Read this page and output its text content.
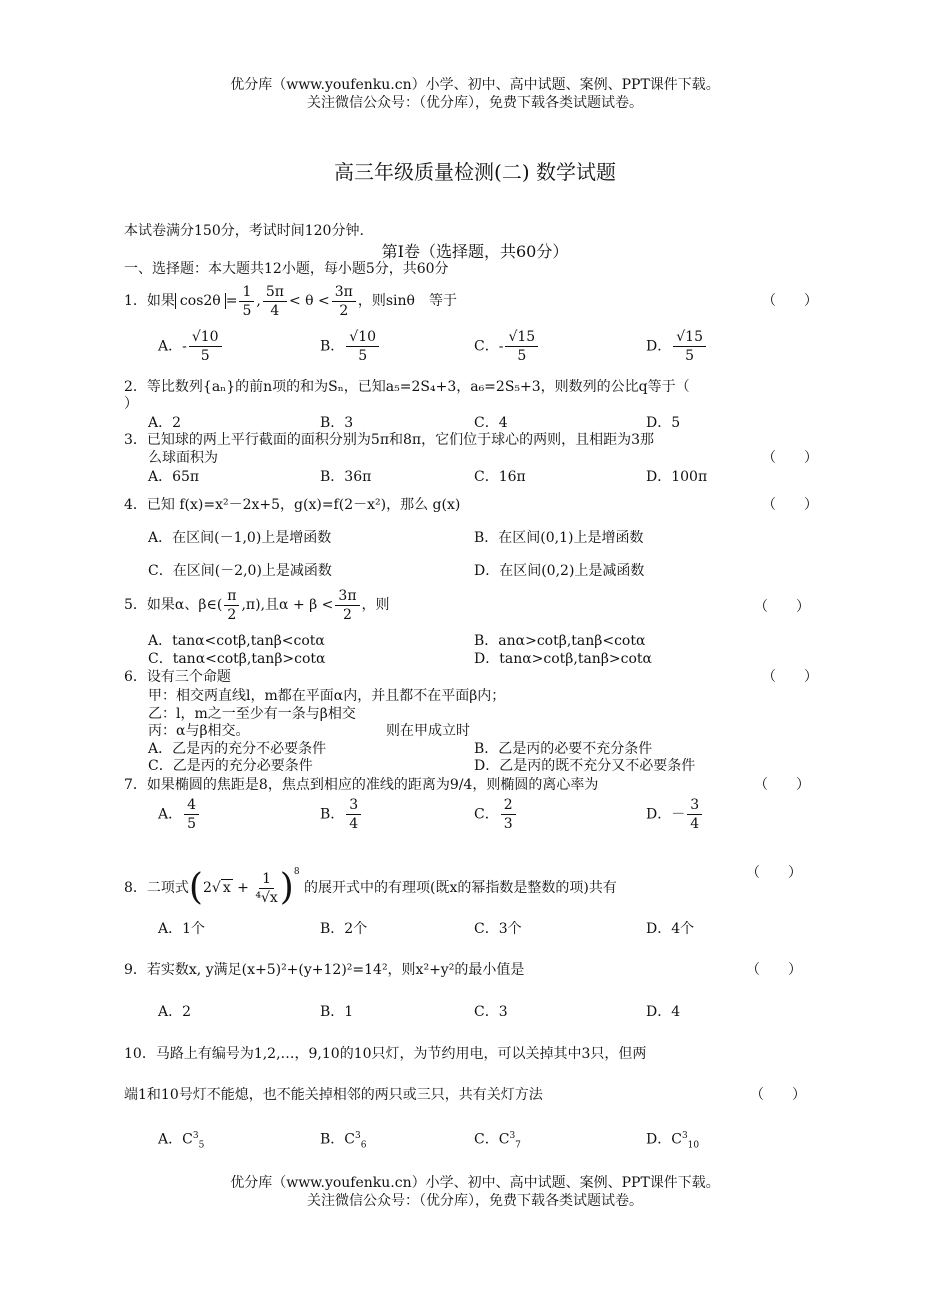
优分库（www.youfenku.cn）小学、初中、高中试题、案例、PPT课件下载。
关注微信公众号：（优分库），免费下载各类试题试卷。
高三年级质量检测(二) 数学试题
本试卷满分150分，考试时间120分钟.
第Ⅰ卷（选择题，共60分）
一、选择题：本大题共12小题，每小题5分，共60分
1．如果 $\cos 2\theta = \frac{1}{5}$ , $\frac{5\pi}{4} < \theta < \frac{3\pi}{2}$ ，则sinθ　等于	（　　）
A．- $\frac{√10}{5}$	B． $\frac{√10}{5}$	C．- $\frac{√15}{5}$	D． $\frac{√15}{5}$
2．等比数列{aₙ}的前n项的和为Sₙ，已知a₅=2S₄+3，a₆=2S₅+3，则数列的公比q等于（
）
A．2	B．3	C．4	D．5
3．已知球的两上平行截面的面积分别为5π和8π，它们位于球心的两则，且相距为3那
么球面积为	（　　）
A．65π	B．36π	C．16π	D．100π
4．已知 f(x)=x²－2x+5，g(x)=f(2－x²)，那么 g(x)	（　　）
A．在区间(－1,0)上是增函数	B．在区间(0,1)上是增函数
C．在区间(－2,0)上是减函数	D．在区间(0,2)上是减函数
5．如果α、β∈( $\frac{\pi}{2} ,\pi$),且$\alpha + \beta < \frac{3\pi}{2}$ ，则	（　　）
A．tanα<cotβ,tanβ<cotα	B．anα>cotβ,tanβ<cotα
C．tanα<cotβ,tanβ>cotα	D．tanα>cotβ,tanβ>cotα
6．设有三个命题	（　　）
甲：相交两直线l，m都在平面α内，并且都不在平面β内；
乙：l，m之一至少有一条与β相交
丙：α与β相交。	则在甲成立时
A．乙是丙的充分不必要条件	B．乙是丙的必要不充分条件
C．乙是丙的充分必要条件	D．乙是丙的既不充分又不必要条件
7．如果椭圆的焦距是8，焦点到相应的准线的距离为9/4，则椭圆的离心率为	（　　）
A． $\frac{4}{5}$	B． $\frac{3}{4}$	C． $\frac{2}{3}$	D．－ $\frac{3}{4}$
8．二项式(2√ $x + \frac{1}{\text{⁴√x}} )^8$ 的展开式中的有理项(既x的幂指数是整数的项)共有
（　　）
A．1个	B．2个	C．3个	D．4个
9．若实数x, y满足(x+5)²+(y+12)²=14²，则x²+y²的最小值是	（　　）
A．2	B．1	C．3	D．4
10．马路上有编号为1,2,…，9,10的10只灯，为节约用电，可以关掉其中3只，但两
端1和10号灯不能熄，也不能关掉相邻的两只或三只，共有关灯方法	（　　）
A．$C^3_5$	B．$C^3_6$	C．$C^3_7$	D．$C^3_{10}$
优分库（www.youfenku.cn）小学、初中、高中试题、案例、PPT课件下载。
关注微信公众号：（优分库），免费下载各类试题试卷。
